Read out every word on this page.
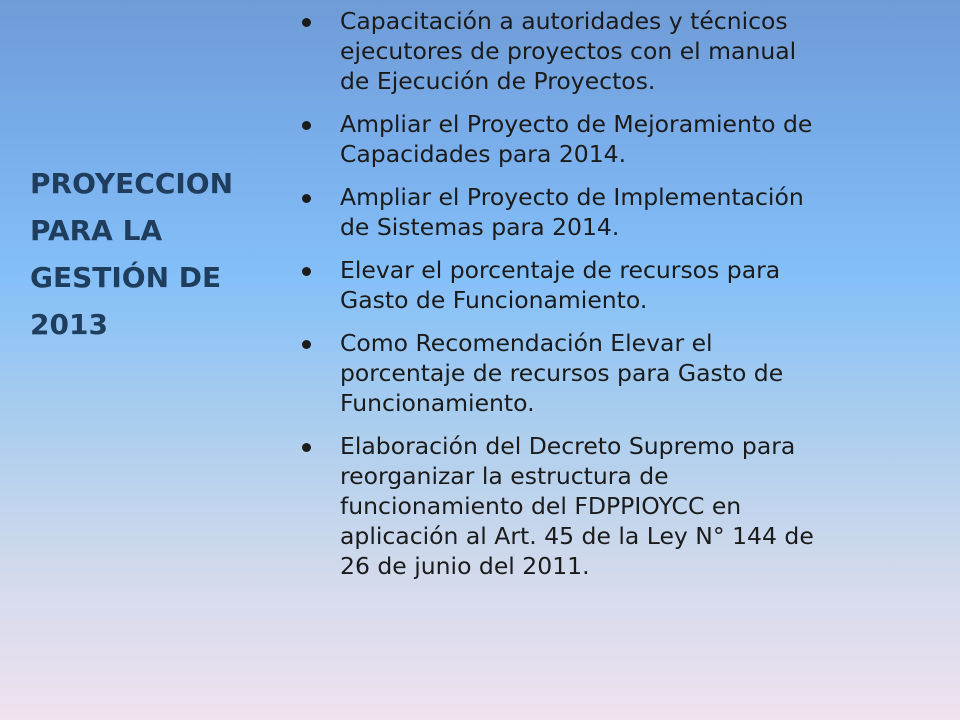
PROYECCION
PARA LA
GESTIÓN DE
2013
Capacitación a autoridades y técnicos
ejecutores de proyectos con el manual
de Ejecución de Proyectos.
Ampliar el Proyecto de Mejoramiento de
Capacidades para 2014.
Ampliar el Proyecto de Implementación
de Sistemas para 2014.
Elevar el porcentaje de recursos para
Gasto de Funcionamiento.
Como Recomendación Elevar el
porcentaje de recursos para Gasto de
Funcionamiento.
Elaboración del Decreto Supremo para
reorganizar la estructura de
funcionamiento del FDPPIOYCC en
aplicación al Art. 45 de la Ley N° 144 de
26 de junio del 2011.
